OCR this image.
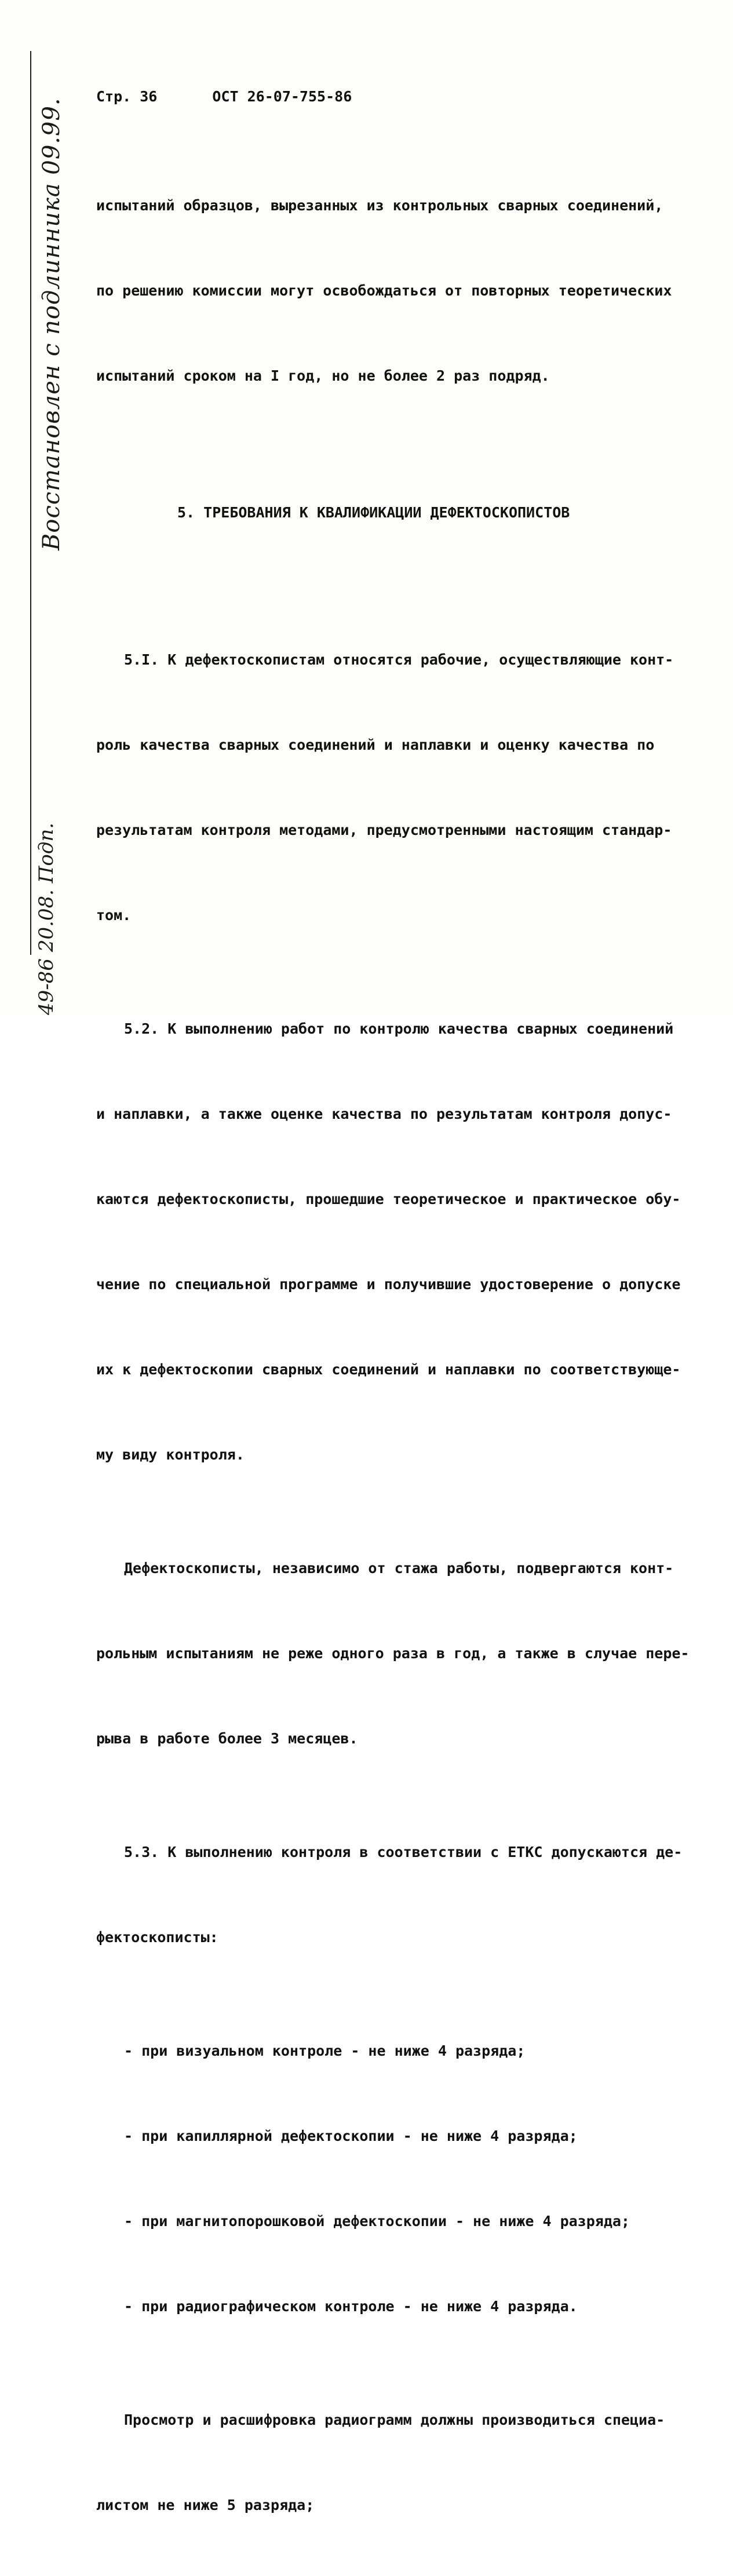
Восстановлен с подлинника 09.99.
49-86 20.08. Подп.
Стр. 36	ОСТ 26-07-755-86

испытаний образцов, вырезанных из контрольных сварных соединений,

по решению комиссии могут освобождаться от повторных теоретических

испытаний сроком на I год, но не более 2 раз подряд.

5. ТРЕБОВАНИЯ К КВАЛИФИКАЦИИ ДЕФЕКТОСКОПИСТОВ

5.I. К дефектоскопистам относятся рабочие, осуществляющие конт-

роль качества сварных соединений и наплавки и оценку качества по

результатам контроля методами, предусмотренными настоящим стандар-

том.

5.2. К выполнению работ по контролю качества сварных соединений

и наплавки, а также оценке качества по результатам контроля допус-

каются дефектоскописты, прошедшие теоретическое и практическое обу-

чение по специальной программе и получившие удостоверение о допуске

их к дефектоскопии сварных соединений и наплавки по соответствующе-

му виду контроля.

Дефектоскописты, независимо от стажа работы, подвергаются конт-

рольным испытаниям не реже одного раза в год, а также в случае пере-

рыва в работе более 3 месяцев.

5.3. К выполнению контроля в соответствии с ЕТКС допускаются де-

фектоскописты:

- при визуальном контроле - не ниже 4 разряда;

- при капиллярной дефектоскопии - не ниже 4 разряда;

- при магнитопорошковой дефектоскопии - не ниже 4 разряда;

- при радиографическом контроле - не ниже 4 разряда.

Просмотр и расшифровка радиограмм должны производиться специа-

листом не ниже 5 разряда;
